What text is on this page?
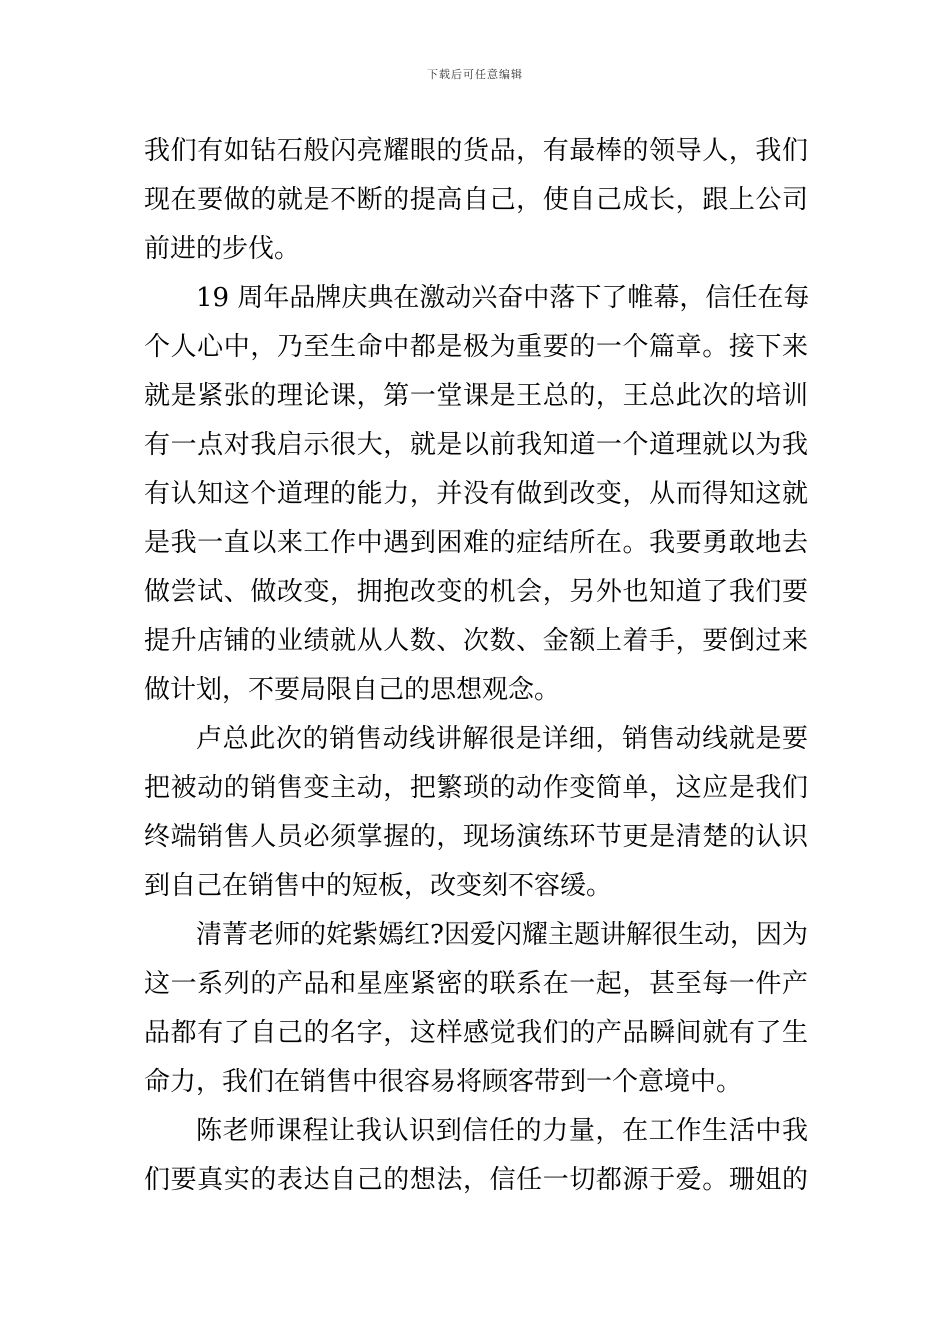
下载后可任意编辑
我们有如钻石般闪亮耀眼的货品，有最棒的领导人，我们
现在要做的就是不断的提高自己，使自己成长，跟上公司
前进的步伐。
19 周年品牌庆典在激动兴奋中落下了帷幕，信任在每
个人心中，乃至生命中都是极为重要的一个篇章。接下来
就是紧张的理论课，第一堂课是王总的，王总此次的培训
有一点对我启示很大，就是以前我知道一个道理就以为我
有认知这个道理的能力，并没有做到改变，从而得知这就
是我一直以来工作中遇到困难的症结所在。我要勇敢地去
做尝试、做改变，拥抱改变的机会，另外也知道了我们要
提升店铺的业绩就从人数、次数、金额上着手，要倒过来
做计划，不要局限自己的思想观念。
卢总此次的销售动线讲解很是详细，销售动线就是要
把被动的销售变主动，把繁琐的动作变简单，这应是我们
终端销售人员必须掌握的，现场演练环节更是清楚的认识
到自己在销售中的短板，改变刻不容缓。
清菁老师的姹紫嫣红?因爱闪耀主题讲解很生动，因为
这一系列的产品和星座紧密的联系在一起，甚至每一件产
品都有了自己的名字，这样感觉我们的产品瞬间就有了生
命力，我们在销售中很容易将顾客带到一个意境中。
陈老师课程让我认识到信任的力量，在工作生活中我
们要真实的表达自己的想法，信任一切都源于爱。珊姐的
